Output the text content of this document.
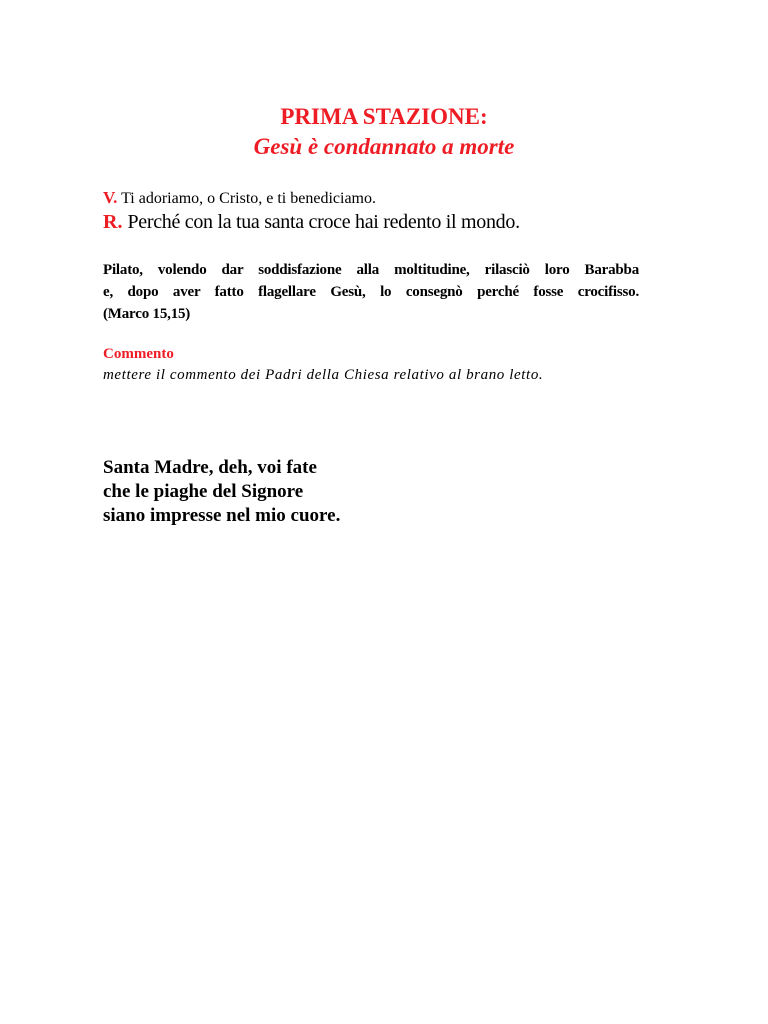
PRIMA STAZIONE:
Gesù è condannato a morte
V. Ti adoriamo, o Cristo, e ti benediciamo.
R. Perché con la tua santa croce hai redento il mondo.
Pilato, volendo dar soddisfazione alla moltitudine, rilasciò loro Barabba
e, dopo aver fatto flagellare Gesù, lo consegnò perché fosse crocifisso.
(Marco 15,15)
Commento
mettere il commento dei Padri della Chiesa relativo al brano letto.
Santa Madre, deh, voi fate
che le piaghe del Signore
siano impresse nel mio cuore.
